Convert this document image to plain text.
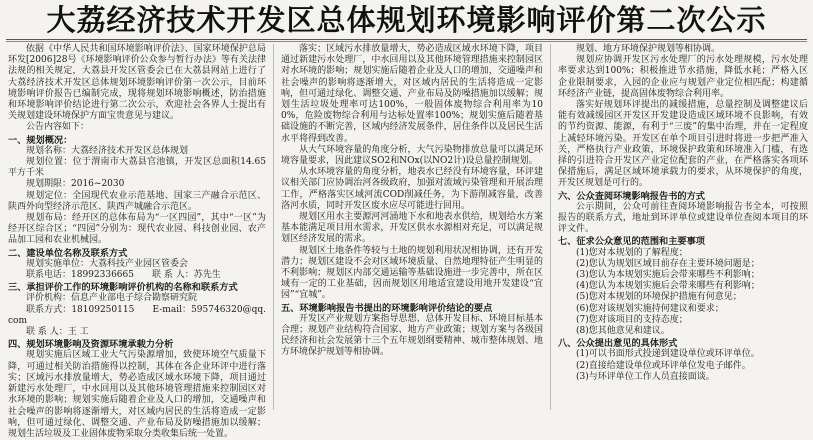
大荔经济技术开发区总体规划环境影响评价第二次公示

依据《中华人民共和国环境影响评价法》、国家环境保护总局环发[2006]28号《环境影响评价公众参与暂行办法》等有关法律法规的相关规定，大荔县开发区管委会已在大荔县网站上进行了大荔经济技术开发区总体规划环境影响评价第一次公示，目前环境影响评价报告已编制完成，现将规划环境影响概述，防治措施和环境影响评价结论进行第二次公示，欢迎社会各界人士提出有关规划建设环境保护方面宝贵意见与建议。

公告内容如下：

一、规划概况：

规划名称：大荔经济技术开发区总体规划

规划位置：位于渭南市大荔县官池镇，开发区总面积14.65平方千米

规划期限：2016~2030

规划定位：全国现代农业示范基地、国家三产融合示范区、陕西外向型经济示范区、陕西产城融合示范区。

规划布局：经开区的总体布局为“一区四园”，其中“一区”为经开区综合区；“四园”分别为：现代农业园、科技创业园、农产品加工园和农业机械园。

二、建设单位名称及联系方式

规划实施单位：大荔科技产业园区管委会

联系电话：18992336665　　联 系 人：苏先生

三、承担评价工作的环境影响评价机构的名称和联系方式

评价机构：信息产业部电子综合勘察研究院

联系方式：18109250115　　E-mail：595746320@qq.com

联 系 人：王 工

四、规划环境影响及资源环境承载力分析

规划实施后区域工业大气污染源增加，致使环境空气质量下降，可通过相关防治措施得以控制，其体在各企业环评中进行落实；区域污水排放量增大，势必造成区域水环境下降，项目通过新建污水处理厂，中水回用以及其他环境管理措施来控制园区对水环境的影响；规划实施后随着企业及人口的增加，交通噪声和社会噪声的影响将逐渐增大，对区域内居民的生活将造成一定影响，但可通过绿化、调整交通、产业布局及防噪措施加以缓解；规划生活垃圾及工业固体废物采取分类收集后统一处置。

落实；区域污水排放量增大，势必造成区域水环境下降，项目通过新建污水处理厂，中水回用以及其他环境管理措施来控制园区对水环境的影响；规划实施后随着企业及人口的增加，交通噪声和社会噪声的影响将逐渐增大，对区域内居民的生活将造成一定影响，但可通过绿化、调整交通、产业布局及防噪措施加以缓解；规划生活垃圾处理率可达100%，一般固体废物综合利用率为100%，危险废物综合利用与达标处置率100%；规划实施后随着基础设施的不断完善，区域内经济发展条件，居住条件以及居民生活水平将得到改善。

从大气环境容量的角度分析，大气污染物排放总量可以满足环境容量要求，因此建议SO2和NOx(以NO2计)设总量控制规划。

从水环境容量的角度分析，地表水已经没有环境容量，环评建议相关部门应协调治河各级政府，加强对流域污染管理和开展治理工作，严格落实区域河流COD削减任务，为下游削减容量，改善洛河水质，同时开发区废水应尽可能进行回用。

规划区用水主要源河河涌地下水和地表水供给，规划给水方案基本能满足项目用水需求，开发区供水水源相对充足，可以满足规划区经济发展的需求。

规划区土地条件等较与土地的规划利用状况相协调，还有开发潜力；规划区建设不会对区域环境质量、自然地理特征产生明显的不利影响；规划区内部交通运输等基础设施进一步完善中，所在区域有一定的工业基础，因而规划区用地适宜建设用地开发建设“宜园”“宜城”。

五、环境影响报告书提出的环境影响评价结论的要点

开发区产业规划方案指导思想、总体开发目标、环境目标基本合理；规划产业结构符合国家、地方产业政策；规划方案与各级国民经济和社会发展第十三个五年规划纲要精神、城市整体规划、地方环境保护规划等相协调。

规划、地方环境保护规划等相协调。

规划应协调开发区污水处理厂的污水处理规模，污水处理率要求达到100%；积极推进节水措施，降低水耗；严格入区企业限制要求，入园的企业应与规划产业定位相匹配；构建循环经济产业链，提高固体废物综合利用率。

落实好规划环评提出的减缓措施，总量控制及调整建议后能有效减缓园区开发区开发建设造成区域环境不良影响，有效的节约资源、能源，有利于“三废”的集中治理，并在一定程度上减轻环境污染。开发区在单个项目引进时将进一步把严准入关，严格执行产业政策，环境保护政策和环境准入门槛，有选择的引进符合开发区产业定位配套的产业，在严格落实各项环保措施后，满足区域环境承载力的要求，从环境保护的角度，开发区规划是可行的。

六、公众查阅环境影响报告书的方式

公示期间，公众可前往查阅环境影响报告书全本，可按照报告的联系方式，地址到环评单位或建设单位查阅本项目的环评文件。

七、征求公众意见的范围和主要事项

(1)您对本规划的了解程度；

(2)您认为规划区域目前存在主要环境问题是；

(3)您认为本规划实施后会带来哪些不利影响；

(4)您认为本规划实施后会带来哪些有利影响；

(5)您对本规划的环境保护措施有何意见；

(6)您对该规划实施持何建议和要求；

(7)您对该项目的支持态度；

(8)您其他意见和建议。

八、公众提出意见的具体形式

(1)可以书面形式投递到建设单位或环评单位。

(2)直接给建设单位或环评单位发电子邮件。

(3)与环评单位工作人员直接面谈。
